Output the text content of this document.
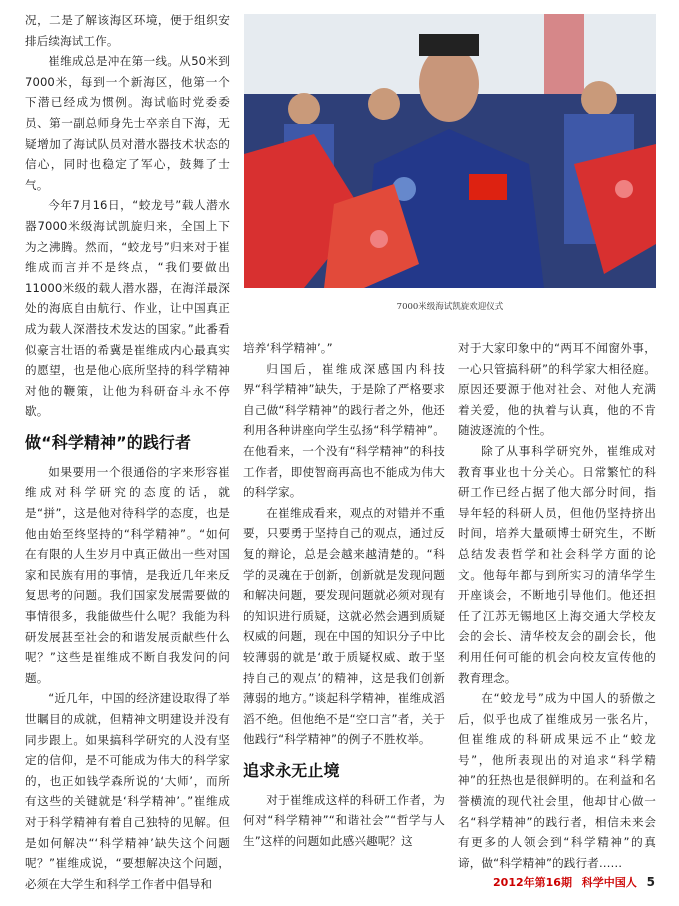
况，二是了解该海区环境，便于组织安排后续海试工作。

崔维成总是冲在第一线。从50米到7000米，每到一个新海区，他第一个下潜已经成为惯例。海试临时党委委员、第一副总师身先士卒亲自下海，无疑增加了海试队员对潜水器技术状态的信心，同时也稳定了军心，鼓舞了士气。

今年7月16日，“蛟龙号”载人潜水器7000米级海试凯旋归来，全国上下为之沸腾。然而，“蛟龙号”归来对于崔维成而言并不是终点，“我们要做出11000米级的载人潜水器，在海洋最深处的海底自由航行、作业，让中国真正成为载人深潜技术发达的国家。”此番看似豪言壮语的希冀是崔维成内心最真实的愿望，也是他心底所坚持的科学精神对他的鞭策，让他为科研奋斗永不停歇。

做“科学精神”的践行者

如果要用一个很通俗的字来形容崔维成对科学研究的态度的话，就是“拼”，这是他对待科学的态度，也是他由始至终坚持的“科学精神”。“如何在有限的人生岁月中真正做出一些对国家和民族有用的事情，是我近几年来反复思考的问题。我们国家发展需要做的事情很多，我能做些什么呢？我能为科研发展甚至社会的和谐发展贡献些什么呢？”这些是崔维成不断自我发问的问题。

“近几年，中国的经济建设取得了举世瞩目的成就，但精神文明建设并没有同步跟上。如果搞科学研究的人没有坚定的信仰，是不可能成为伟大的科学家的，也正如钱学森所说的‘大师’，而所有这些的关键就是‘科学精神’。”崔维成对于科学精神有着自己独特的见解。但是如何解决“‘科学精神’缺失这个问题呢？”崔维成说，“要想解决这个问题，必须在大学生和科学工作者中倡导和

7000米级海试凯旋欢迎仪式

培养‘科学精神’。”

归国后，崔维成深感国内科技界“科学精神”缺失，于是除了严格要求自己做“科学精神”的践行者之外，他还利用各种讲座向学生弘扬“科学精神”。在他看来，一个没有“科学精神”的科技工作者，即使智商再高也不能成为伟大的科学家。

在崔维成看来，观点的对错并不重要，只要勇于坚持自己的观点，通过反复的辩论，总是会越来越清楚的。“科学的灵魂在于创新，创新就是发现问题和解决问题，要发现问题就必须对现有的知识进行质疑，这就必然会遇到质疑权威的问题，现在中国的知识分子中比较薄弱的就是‘敢于质疑权威、敢于坚持自己的观点’的精神，这是我们创新薄弱的地方。”谈起科学精神，崔维成滔滔不绝。但他绝不是“空口言”者，关于他践行“科学精神”的例子不胜枚举。

追求永无止境

对于崔维成这样的科研工作者，为何对“科学精神”“和谐社会”“哲学与人生”这样的问题如此感兴趣呢？这

对于大家印象中的“两耳不闻窗外事，一心只管搞科研”的科学家大相径庭。原因还要源于他对社会、对他人充满着关爱，他的执着与认真，他的不肯随波逐流的个性。

除了从事科学研究外，崔维成对教育事业也十分关心。日常繁忙的科研工作已经占据了他大部分时间，指导年轻的科研人员，但他仍坚持挤出时间，培养大量硕博士研究生，不断总结发表哲学和社会科学方面的论文。他每年都与到所实习的清华学生开座谈会，不断地引导他们。他还担任了江苏无锡地区上海交通大学校友会的会长、清华校友会的副会长，他利用任何可能的机会向校友宣传他的教育理念。

在“蛟龙号”成为中国人的骄傲之后，似乎也成了崔维成另一张名片，但崔维成的科研成果远不止“蛟龙号”，他所表现出的对追求“科学精神”的狂热也是很鲜明的。在利益和名誉横流的现代社会里，他却甘心做一名“科学精神”的践行者，相信未来会有更多的人领会到“科学精神”的真谛，做“科学精神”的践行者……

2012年第16期 科学中国人 5
